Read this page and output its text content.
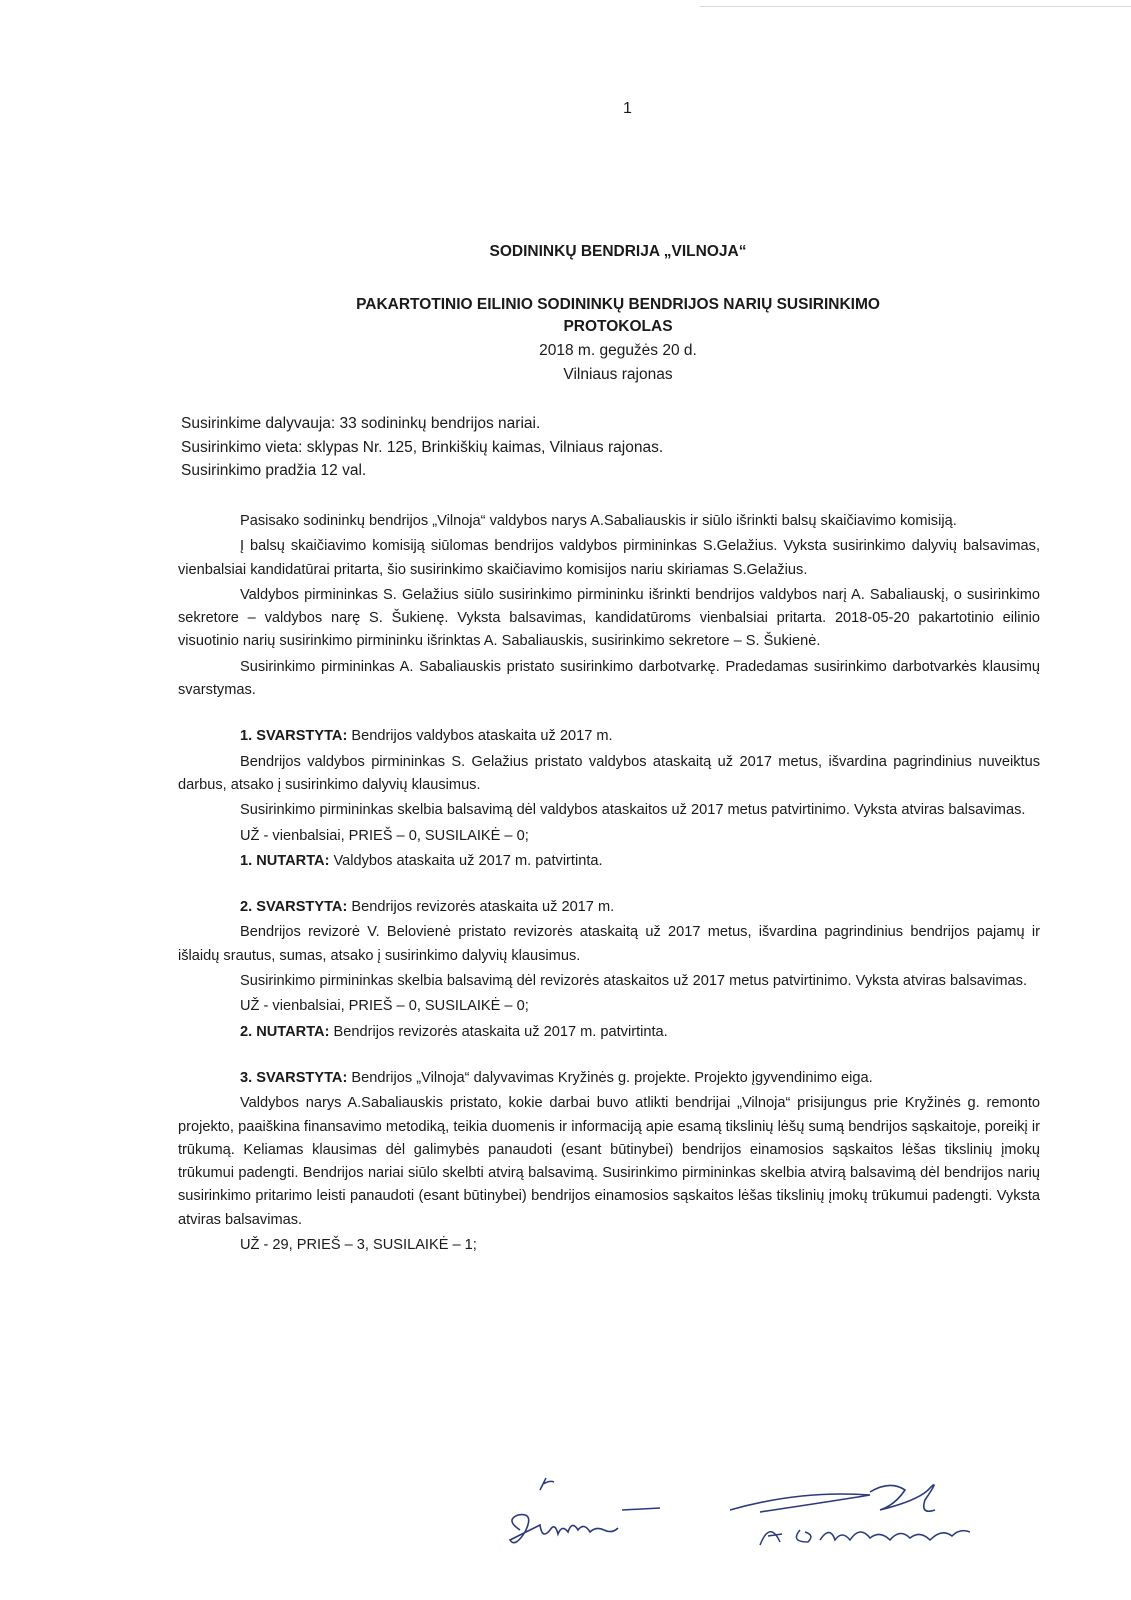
1
SODININKŲ BENDRIJA „VILNOJA“
PAKARTOTINIO EILINIO SODININKŲ BENDRIJOS NARIŲ SUSIRINKIMO
PROTOKOLAS
2018 m. gegužės 20 d.
Vilniaus rajonas
Susirinkime dalyvauja: 33 sodininkų bendrijos nariai.
Susirinkimo vieta: sklypas Nr. 125, Brinkiškių kaimas, Vilniaus rajonas.
Susirinkimo pradžia 12 val.

Pasisako sodininkų bendrijos „Vilnoja“ valdybos narys A.Sabaliauskis ir siūlo išrinkti balsų skaičiavimo komisiją.

Į balsų skaičiavimo komisiją siūlomas bendrijos valdybos pirmininkas S.Gelažius. Vyksta susirinkimo dalyvių balsavimas, vienbalsiai kandidatūrai pritarta, šio susirinkimo skaičiavimo komisijos nariu skiriamas S.Gelažius.

Valdybos pirmininkas S. Gelažius siūlo susirinkimo pirmininku išrinkti bendrijos valdybos narį A. Sabaliauskį, o susirinkimo sekretore – valdybos narę S. Šukienę. Vyksta balsavimas, kandidatūroms vienbalsiai pritarta. 2018-05-20 pakartotinio eilinio visuotinio narių susirinkimo pirmininku išrinktas A. Sabaliauskis, susirinkimo sekretore – S. Šukienė.

Susirinkimo pirmininkas A. Sabaliauskis pristato susirinkimo darbotvarkę. Pradedamas susirinkimo darbotvarkės klausimų svarstymas.

1. SVARSTYTA: Bendrijos valdybos ataskaita už 2017 m.

Bendrijos valdybos pirmininkas S. Gelažius pristato valdybos ataskaitą už 2017 metus, išvardina pagrindinius nuveiktus darbus, atsako į susirinkimo dalyvių klausimus.

Susirinkimo pirmininkas skelbia balsavimą dėl valdybos ataskaitos už 2017 metus patvirtinimo. Vyksta atviras balsavimas.

UŽ - vienbalsiai, PRIEŠ – 0, SUSILAIKĖ – 0;

1. NUTARTA: Valdybos ataskaita už 2017 m. patvirtinta.

2. SVARSTYTA: Bendrijos revizorės ataskaita už 2017 m.

Bendrijos revizorė V. Belovienė pristato revizorės ataskaitą už 2017 metus, išvardina pagrindinius bendrijos pajamų ir išlaidų srautus, sumas, atsako į susirinkimo dalyvių klausimus.

Susirinkimo pirmininkas skelbia balsavimą dėl revizorės ataskaitos už 2017 metus patvirtinimo. Vyksta atviras balsavimas.

UŽ - vienbalsiai, PRIEŠ – 0, SUSILAIKĖ – 0;

2. NUTARTA: Bendrijos revizorės ataskaita už 2017 m. patvirtinta.

3. SVARSTYTA: Bendrijos „Vilnoja“ dalyvavimas Kryžinės g. projekte. Projekto įgyvendinimo eiga.

Valdybos narys A.Sabaliauskis pristato, kokie darbai buvo atlikti bendrijai „Vilnoja“ prisijungus prie Kryžinės g. remonto projekto, paaiškina finansavimo metodiką, teikia duomenis ir informaciją apie esamą tikslinių lėšų sumą bendrijos sąskaitoje, poreikį ir trūkumą. Keliamas klausimas dėl galimybės panaudoti (esant būtinybei) bendrijos einamosios sąskaitos lėšas tikslinių įmokų trūkumui padengti. Bendrijos nariai siūlo skelbti atvirą balsavimą. Susirinkimo pirmininkas skelbia atvirą balsavimą dėl bendrijos narių susirinkimo pritarimo leisti panaudoti (esant būtinybei) bendrijos einamosios sąskaitos lėšas tikslinių įmokų trūkumui padengti. Vyksta atviras balsavimas.

UŽ - 29, PRIEŠ – 3, SUSILAIKĖ – 1;
